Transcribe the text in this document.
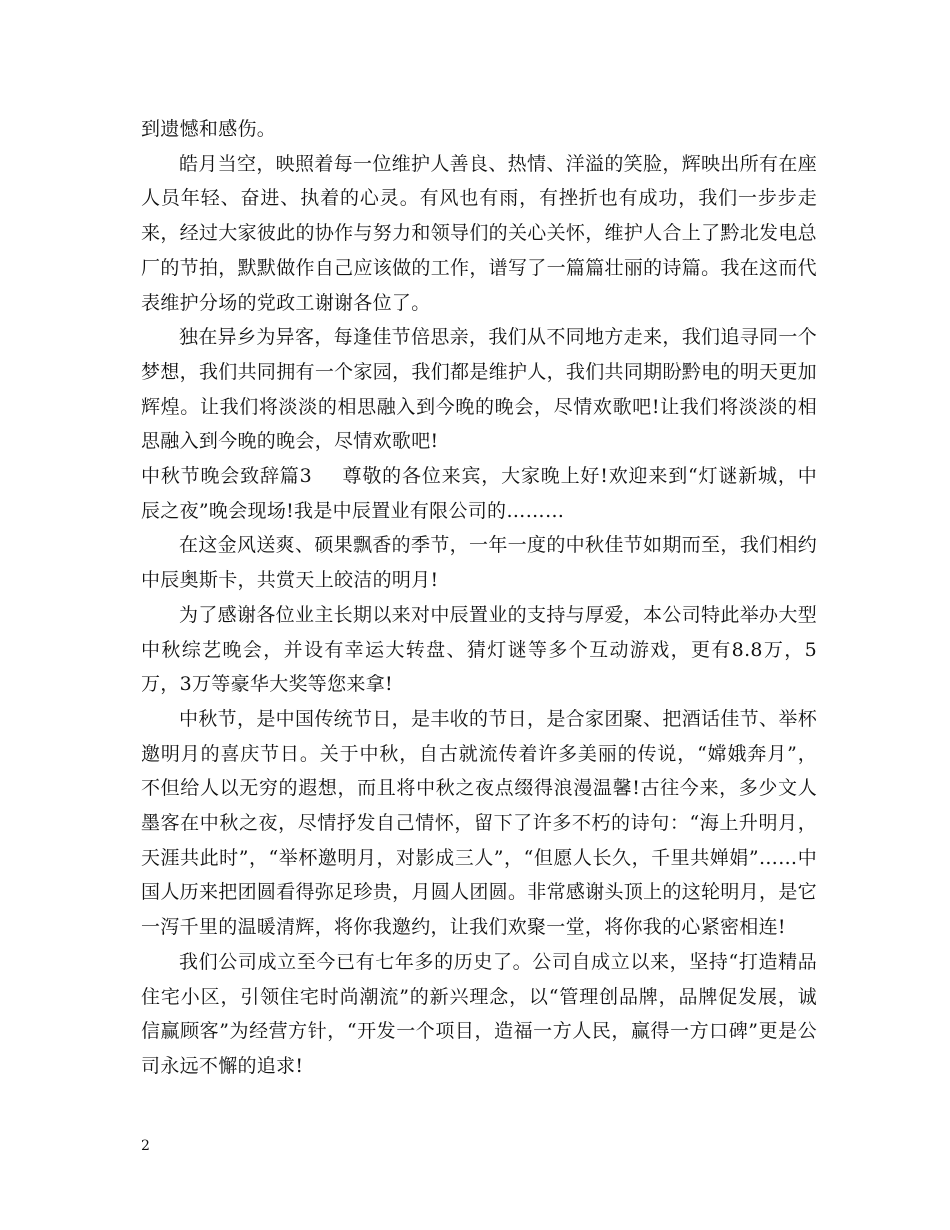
到遗憾和感伤。

皓月当空，映照着每一位维护人善良、热情、洋溢的笑脸，辉映出所有在座人员年轻、奋进、执着的心灵。有风也有雨，有挫折也有成功，我们一步步走来，经过大家彼此的协作与努力和领导们的关心关怀，维护人合上了黔北发电总厂的节拍，默默做作自己应该做的工作，谱写了一篇篇壮丽的诗篇。我在这而代表维护分场的党政工谢谢各位了。

独在异乡为异客，每逢佳节倍思亲，我们从不同地方走来，我们追寻同一个梦想，我们共同拥有一个家园，我们都是维护人，我们共同期盼黔电的明天更加辉煌。让我们将淡淡的相思融入到今晚的晚会，尽情欢歌吧!让我们将淡淡的相思融入到今晚的晚会，尽情欢歌吧!

中秋节晚会致辞篇3 尊敬的各位来宾，大家晚上好!欢迎来到“灯谜新城，中辰之夜”晚会现场!我是中辰置业有限公司的………

在这金风送爽、硕果飘香的季节，一年一度的中秋佳节如期而至，我们相约中辰奥斯卡，共赏天上皎洁的明月!

为了感谢各位业主长期以来对中辰置业的支持与厚爱，本公司特此举办大型中秋综艺晚会，并设有幸运大转盘、猜灯谜等多个互动游戏，更有8.8万，5万，3万等豪华大奖等您来拿!

中秋节，是中国传统节日，是丰收的节日，是合家团聚、把酒话佳节、举杯邀明月的喜庆节日。关于中秋，自古就流传着许多美丽的传说，“嫦娥奔月”，不但给人以无穷的遐想，而且将中秋之夜点缀得浪漫温馨!古往今来，多少文人墨客在中秋之夜，尽情抒发自己情怀，留下了许多不朽的诗句：“海上升明月，天涯共此时”，“举杯邀明月，对影成三人”，“但愿人长久，千里共婵娟”……中国人历来把团圆看得弥足珍贵，月圆人团圆。非常感谢头顶上的这轮明月，是它一泻千里的温暖清辉，将你我邀约，让我们欢聚一堂，将你我的心紧密相连!

我们公司成立至今已有七年多的历史了。公司自成立以来，坚持“打造精品住宅小区，引领住宅时尚潮流”的新兴理念，以“管理创品牌，品牌促发展，诚信赢顾客”为经营方针，“开发一个项目，造福一方人民，赢得一方口碑”更是公司永远不懈的追求!

2
